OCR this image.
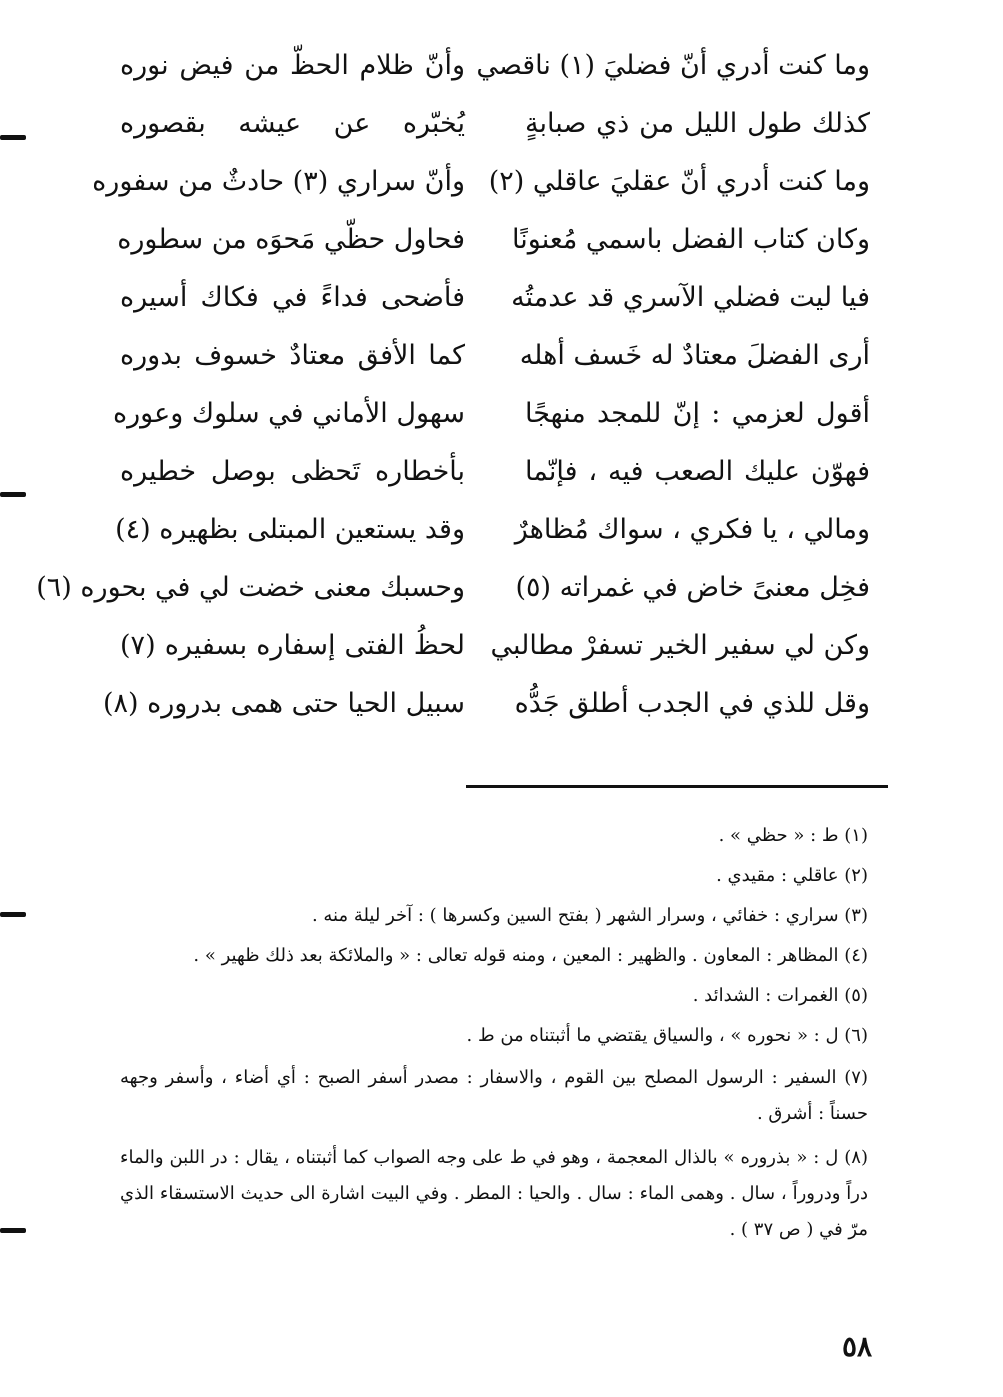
وما كنت أدري أنّ فضليَ (١) ناقصي
وأنّ ظلام الحظّ من فيض نوره
كذلك طول الليل من ذي صبابةٍ
يُخبّره عن عيشه بقصوره
وما كنت أدري أنّ عقليَ عاقلي (٢)
وأنّ سراري (٣) حادثٌ من سفوره
وكان كتاب الفضل باسمي مُعنونًا
فحاول حظّي مَحوَه من سطوره
فيا ليت فضلي الآسري قد عدمتُه
فأضحى فداءً في فكاك أسيره
أرى الفضلَ معتادٌ له خَسف أهله
كما الأفق معتادٌ خسوف بدوره
أقول لعزمي : إنّ للمجد منهجًا
سهول الأماني في سلوك وعوره
فهوّن عليك الصعب فيه ، فإنّما
بأخطاره تَحظى بوصل خطيره
ومالي ، يا فكري ، سواك مُظاهرٌ
وقد يستعين المبتلى بظهيره (٤)
فخِل معنىً خاض في غمراته (٥)
وحسبك معنى خضت لي في بحوره (٦)
وكن لي سفير الخير تسفرْ مطالبي
لحظُ الفتى إسفاره بسفيره (٧)
وقل للذي في الجدب أطلق جَدُّه
سبيل الحيا حتى همى بدروره (٨)
(١) ط : « حظي » .
(٢) عاقلي : مقيدي .
(٣) سراري : خفائي ، وسرار الشهر ( بفتح السين وكسرها ) : آخر ليلة منه .
(٤) المظاهر : المعاون . والظهير : المعين ، ومنه قوله تعالى : « والملائكة بعد ذلك ظهير » .
(٥) الغمرات : الشدائد .
(٦) ل : « نحوره » ، والسياق يقتضي ما أثبتناه من ط .
(٧) السفير : الرسول المصلح بين القوم ، والاسفار : مصدر أسفر الصبح : أي أضاء ، وأسفر وجهه حسناً : أشرق .
(٨) ل : « بذروره » بالذال المعجمة ، وهو في ط على وجه الصواب كما أثبتناه ، يقال : در اللبن والماء دراً ودروراً ، سال . وهمى الماء : سال . والحيا : المطر . وفي البيت اشارة الى حديث الاستسقاء الذي مرّ في ( ص ٣٧ ) .
٥٨
